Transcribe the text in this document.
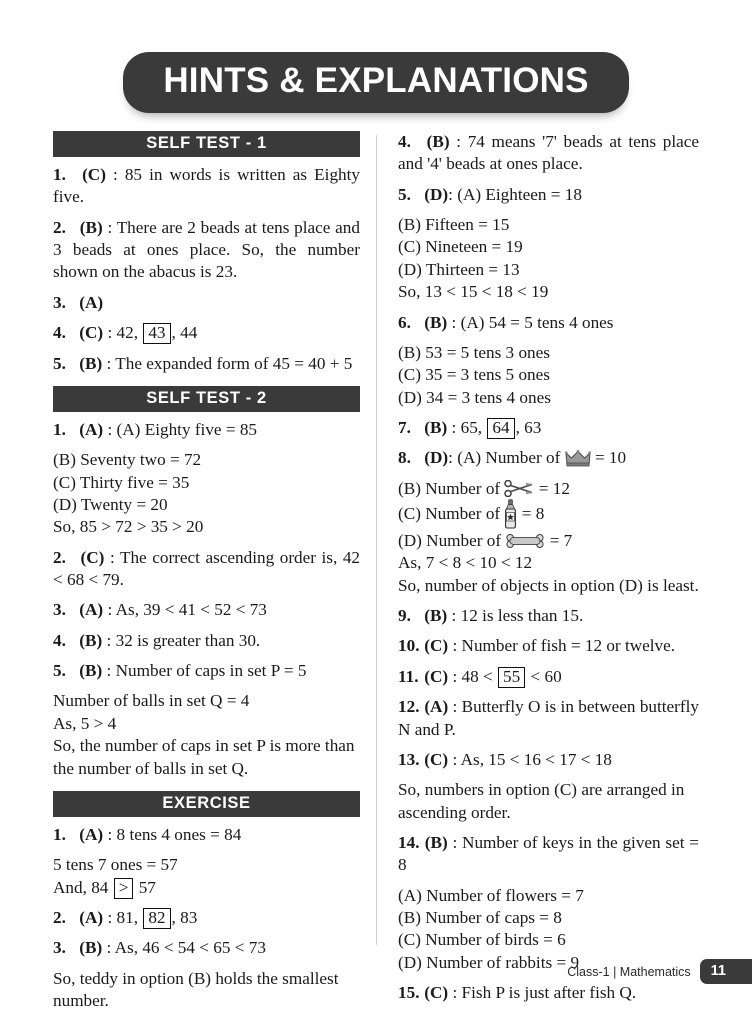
HINTS & EXPLANATIONS
SELF TEST - 1

1. (C) : 85 in words is written as Eighty five.

2. (B) : There are 2 beads at tens place and 3 beads at ones place. So, the number shown on the abacus is 23.

3. (A)

4. (C) : 42, 43 , 44

5. (B) : The expanded form of 45 = 40 + 5

SELF TEST - 2

1. (A) : (A) Eighty five = 85

(B) Seventy two = 72

(C) Thirty five = 35

(D) Twenty = 20

So, 85 > 72 > 35 > 20

2. (C) : The correct ascending order is, 42 < 68 < 79.

3. (A) : As, 39 < 41 < 52 < 73

4. (B) : 32 is greater than 30.

5. (B) : Number of caps in set P = 5

Number of balls in set Q = 4

As, 5 > 4

So, the number of caps in set P is more than the number of balls in set Q.

EXERCISE

1. (A) : 8 tens 4 ones = 84

5 tens 7 ones = 57

And, 84 > 57

2. (A) : 81, 82 , 83

3. (B) : As, 46 < 54 < 65 < 73

So, teddy in option (B) holds the smallest number.

4. (B) : 74 means '7' beads at tens place and '4' beads at ones place.

5. (D): (A) Eighteen = 18

(B) Fifteen = 15

(C) Nineteen = 19

(D) Thirteen = 13

So, 13 < 15 < 18 < 19

6. (B) : (A) 54 = 5 tens 4 ones

(B) 53 = 5 tens 3 ones

(C) 35 = 3 tens 5 ones

(D) 34 = 3 tens 4 ones

7. (B) : 65, 64 , 63

8. (D): (A) Number of
= 10

(B) Number of
= 12

(C) Number of
= 8

(D) Number of
= 7

As, 7 < 8 < 10 < 12

So, number of objects in option (D) is least.

9. (B) : 12 is less than 15.

10. (C) : Number of fish = 12 or twelve.

11. (C) : 48 < 55 < 60

12. (A) : Butterfly O is in between butterfly N and P.

13. (C) : As, 15 < 16 < 17 < 18

So, numbers in option (C) are arranged in ascending order.

14. (B) : Number of keys in the given set = 8

(A) Number of flowers = 7

(B) Number of caps = 8

(C) Number of birds = 6

(D) Number of rabbits = 9

15. (C) : Fish P is just after fish Q.

Class-1 | Mathematics	11
